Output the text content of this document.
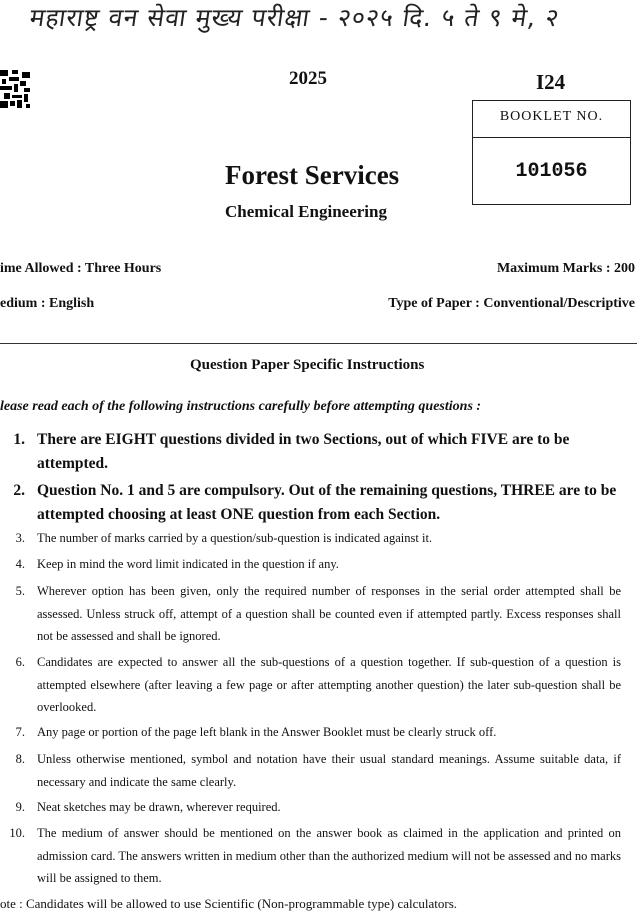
महाराष्ट्र वन सेवा मुख्य परीक्षा - २०२५ दि. ५ ते ९ मे, २
2025	I24
BOOKLET NO.
101056
Forest Services
Chemical Engineering
ime Allowed : Three Hours	Maximum Marks : 200
edium : English	Type of Paper : Conventional/Descriptive
Question Paper Specific Instructions
lease read each of the following instructions carefully before attempting questions :
1. There are EIGHT questions divided in two Sections, out of which FIVE are to be attempted.
2. Question No. 1 and 5 are compulsory. Out of the remaining questions, THREE are to be attempted choosing at least ONE question from each Section.
3. The number of marks carried by a question/sub-question is indicated against it.
4. Keep in mind the word limit indicated in the question if any.
5. Wherever option has been given, only the required number of responses in the serial order attempted shall be assessed. Unless struck off, attempt of a question shall be counted even if attempted partly. Excess responses shall not be assessed and shall be ignored.
6. Candidates are expected to answer all the sub-questions of a question together. If sub-question of a question is attempted elsewhere (after leaving a few page or after attempting another question) the later sub-question shall be overlooked.
7. Any page or portion of the page left blank in the Answer Booklet must be clearly struck off.
8. Unless otherwise mentioned, symbol and notation have their usual standard meanings. Assume suitable data, if necessary and indicate the same clearly.
9. Neat sketches may be drawn, wherever required.
10. The medium of answer should be mentioned on the answer book as claimed in the application and printed on admission card. The answers written in medium other than the authorized medium will not be assessed and no marks will be assigned to them.
ote : Candidates will be allowed to use Scientific (Non-programmable type) calculators.
